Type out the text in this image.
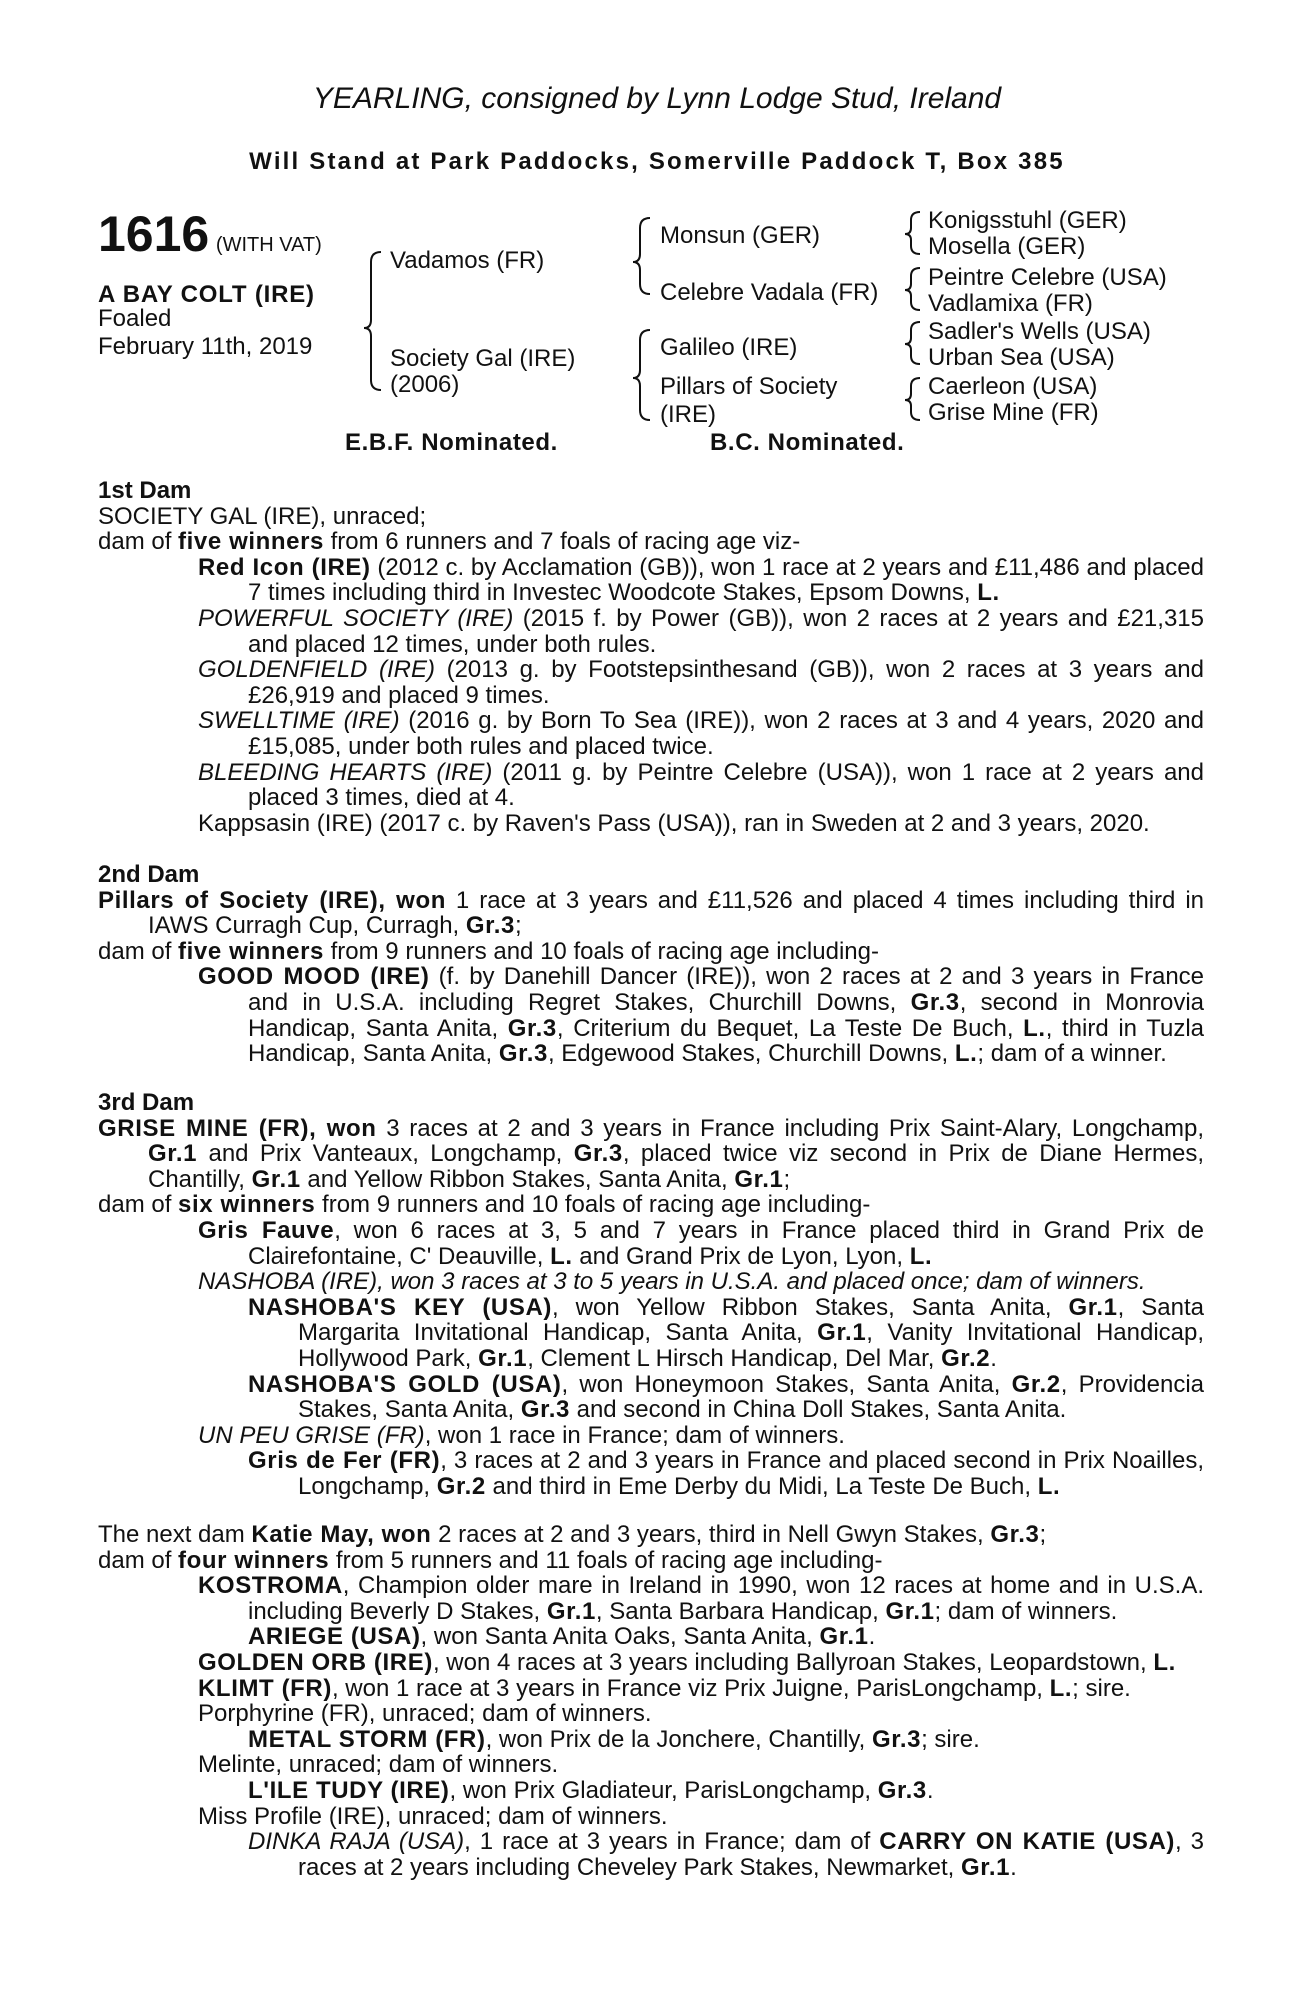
YEARLING, consigned by Lynn Lodge Stud, Ireland
Will Stand at Park Paddocks, Somerville Paddock T, Box 385
1616 (WITH VAT)
A BAY COLT (IRE)
Foaled
February 11th, 2019
Vadamos (FR)
Society Gal (IRE)
(2006)
Monsun (GER)
Celebre Vadala (FR)
Galileo (IRE)
Pillars of Society
(IRE)
Konigsstuhl (GER)
Mosella (GER)
Peintre Celebre (USA)
Vadlamixa (FR)
Sadler's Wells (USA)
Urban Sea (USA)
Caerleon (USA)
Grise Mine (FR)
E.B.F. Nominated.	B.C. Nominated.

1st Dam

SOCIETY GAL (IRE), unraced;

dam of five winners from 6 runners and 7 foals of racing age viz-

Red Icon (IRE) (2012 c. by Acclamation (GB)), won 1 race at 2 years and £11,486 and placed 7 times including third in Investec Woodcote Stakes, Epsom Downs, L.

POWERFUL SOCIETY (IRE) (2015 f. by Power (GB)), won 2 races at 2 years and £21,315 and placed 12 times, under both rules.

GOLDENFIELD (IRE) (2013 g. by Footstepsinthesand (GB)), won 2 races at 3 years and £26,919 and placed 9 times.

SWELLTIME (IRE) (2016 g. by Born To Sea (IRE)), won 2 races at 3 and 4 years, 2020 and £15,085, under both rules and placed twice.

BLEEDING HEARTS (IRE) (2011 g. by Peintre Celebre (USA)), won 1 race at 2 years and placed 3 times, died at 4.

Kappsasin (IRE) (2017 c. by Raven's Pass (USA)), ran in Sweden at 2 and 3 years, 2020.

2nd Dam

Pillars of Society (IRE), won 1 race at 3 years and £11,526 and placed 4 times including third in IAWS Curragh Cup, Curragh, Gr.3;

dam of five winners from 9 runners and 10 foals of racing age including-

GOOD MOOD (IRE) (f. by Danehill Dancer (IRE)), won 2 races at 2 and 3 years in France and in U.S.A. including Regret Stakes, Churchill Downs, Gr.3, second in Monrovia Handicap, Santa Anita, Gr.3, Criterium du Bequet, La Teste De Buch, L., third in Tuzla Handicap, Santa Anita, Gr.3, Edgewood Stakes, Churchill Downs, L.; dam of a winner.

3rd Dam

GRISE MINE (FR), won 3 races at 2 and 3 years in France including Prix Saint-Alary, Longchamp, Gr.1 and Prix Vanteaux, Longchamp, Gr.3, placed twice viz second in Prix de Diane Hermes, Chantilly, Gr.1 and Yellow Ribbon Stakes, Santa Anita, Gr.1;

dam of six winners from 9 runners and 10 foals of racing age including-

Gris Fauve, won 6 races at 3, 5 and 7 years in France placed third in Grand Prix de Clairefontaine, C' Deauville, L. and Grand Prix de Lyon, Lyon, L.

NASHOBA (IRE), won 3 races at 3 to 5 years in U.S.A. and placed once; dam of winners.

NASHOBA'S KEY (USA), won Yellow Ribbon Stakes, Santa Anita, Gr.1, Santa Margarita Invitational Handicap, Santa Anita, Gr.1, Vanity Invitational Handicap, Hollywood Park, Gr.1, Clement L Hirsch Handicap, Del Mar, Gr.2.

NASHOBA'S GOLD (USA), won Honeymoon Stakes, Santa Anita, Gr.2, Providencia Stakes, Santa Anita, Gr.3 and second in China Doll Stakes, Santa Anita.

UN PEU GRISE (FR), won 1 race in France; dam of winners.

Gris de Fer (FR), 3 races at 2 and 3 years in France and placed second in Prix Noailles, Longchamp, Gr.2 and third in Eme Derby du Midi, La Teste De Buch, L.

The next dam Katie May, won 2 races at 2 and 3 years, third in Nell Gwyn Stakes, Gr.3;

dam of four winners from 5 runners and 11 foals of racing age including-

KOSTROMA, Champion older mare in Ireland in 1990, won 12 races at home and in U.S.A. including Beverly D Stakes, Gr.1, Santa Barbara Handicap, Gr.1; dam of winners.

ARIEGE (USA), won Santa Anita Oaks, Santa Anita, Gr.1.

GOLDEN ORB (IRE), won 4 races at 3 years including Ballyroan Stakes, Leopardstown, L.

KLIMT (FR), won 1 race at 3 years in France viz Prix Juigne, ParisLongchamp, L.; sire.

Porphyrine (FR), unraced; dam of winners.

METAL STORM (FR), won Prix de la Jonchere, Chantilly, Gr.3; sire.

Melinte, unraced; dam of winners.

L'ILE TUDY (IRE), won Prix Gladiateur, ParisLongchamp, Gr.3.

Miss Profile (IRE), unraced; dam of winners.

DINKA RAJA (USA), 1 race at 3 years in France; dam of CARRY ON KATIE (USA), 3 races at 2 years including Cheveley Park Stakes, Newmarket, Gr.1.
